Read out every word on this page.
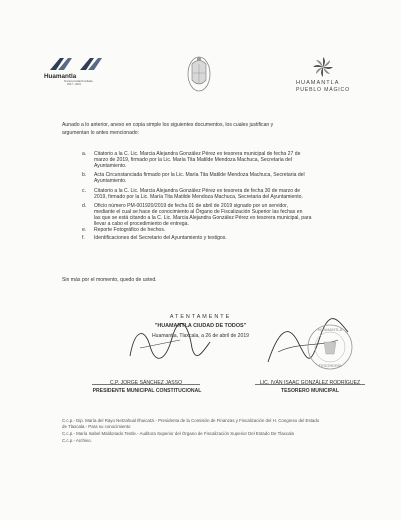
Huamantla
Tercera Ciudad Fundada
2017 - 2021	HUAMANTLA
PUEBLO MÁGICO
Aunado a lo anterior, anexo en copia simple los siguientes documentos, los cuales justifican y
argumentan lo antes mencionado:
a. Citatorio a la C. Lic. Marcia Alejandra González Pérez ex tesorera municipal de fecha 27 de
marzo de 2019, firmado por la Lic. María Tita Matilde Mendoza Machuca, Secretaria del
Ayuntamiento.
b. Acta Circunstanciada firmado por la Lic. María Tita Matilde Mendoza Machuca, Secretaria del
Ayuntamiento.
c. Citatorio a la C. Lic. Marcia Alejandra González Pérez ex tesorera de fecha 30 de marzo de
2019, firmado por la Lic. María Tita Matilde Mendoza Machuca, Secretaria del Ayuntamiento.
d. Oficio número PM-001920/2019 de fecha 01 de abril de 2019 signado por un servidor,
mediante el cual se hace de conocimiento al Órgano de Fiscalización Superior las fechas en
las que se está citando a la C. Lic. Marcia Alejandra González Pérez ex tesorera municipal, para
llevar a cabo el procedimiento de entrega.
e. Reporte Fotográfico de hechos.
f. Identificaciones del Secretario del Ayuntamiento y testigos.
Sin más por el momento, quedo de usted.
ATENTAMENTE
"HUAMANTLA CIUDAD DE TODOS"
Huamantla, Tlaxcala, a 26 de abril de 2019
HUAMANTLA
TESORERÍA
C.P. JORGE SÁNCHEZ JASSO
PRESIDENTE MUNICIPAL CONSTITUCIONAL
LIC. IVÁN ISAAC GONZÁLEZ RODRÍGUEZ
TESORERO MUNICIPAL
C.c.p.- Dip. María del Rayo Netzahual Ilhuicatzi.- Presidenta de la Comisión de Finanzas y Fiscalización del H. Congreso del Estado
de Tlaxcala.- Para su conocimiento
C.c.p.- María Isabel Maldonado Textle.- Auditora Superior del Órgano de Fiscalización Superior Del Estado De Tlaxcala
C.c.p.- Archivo.
